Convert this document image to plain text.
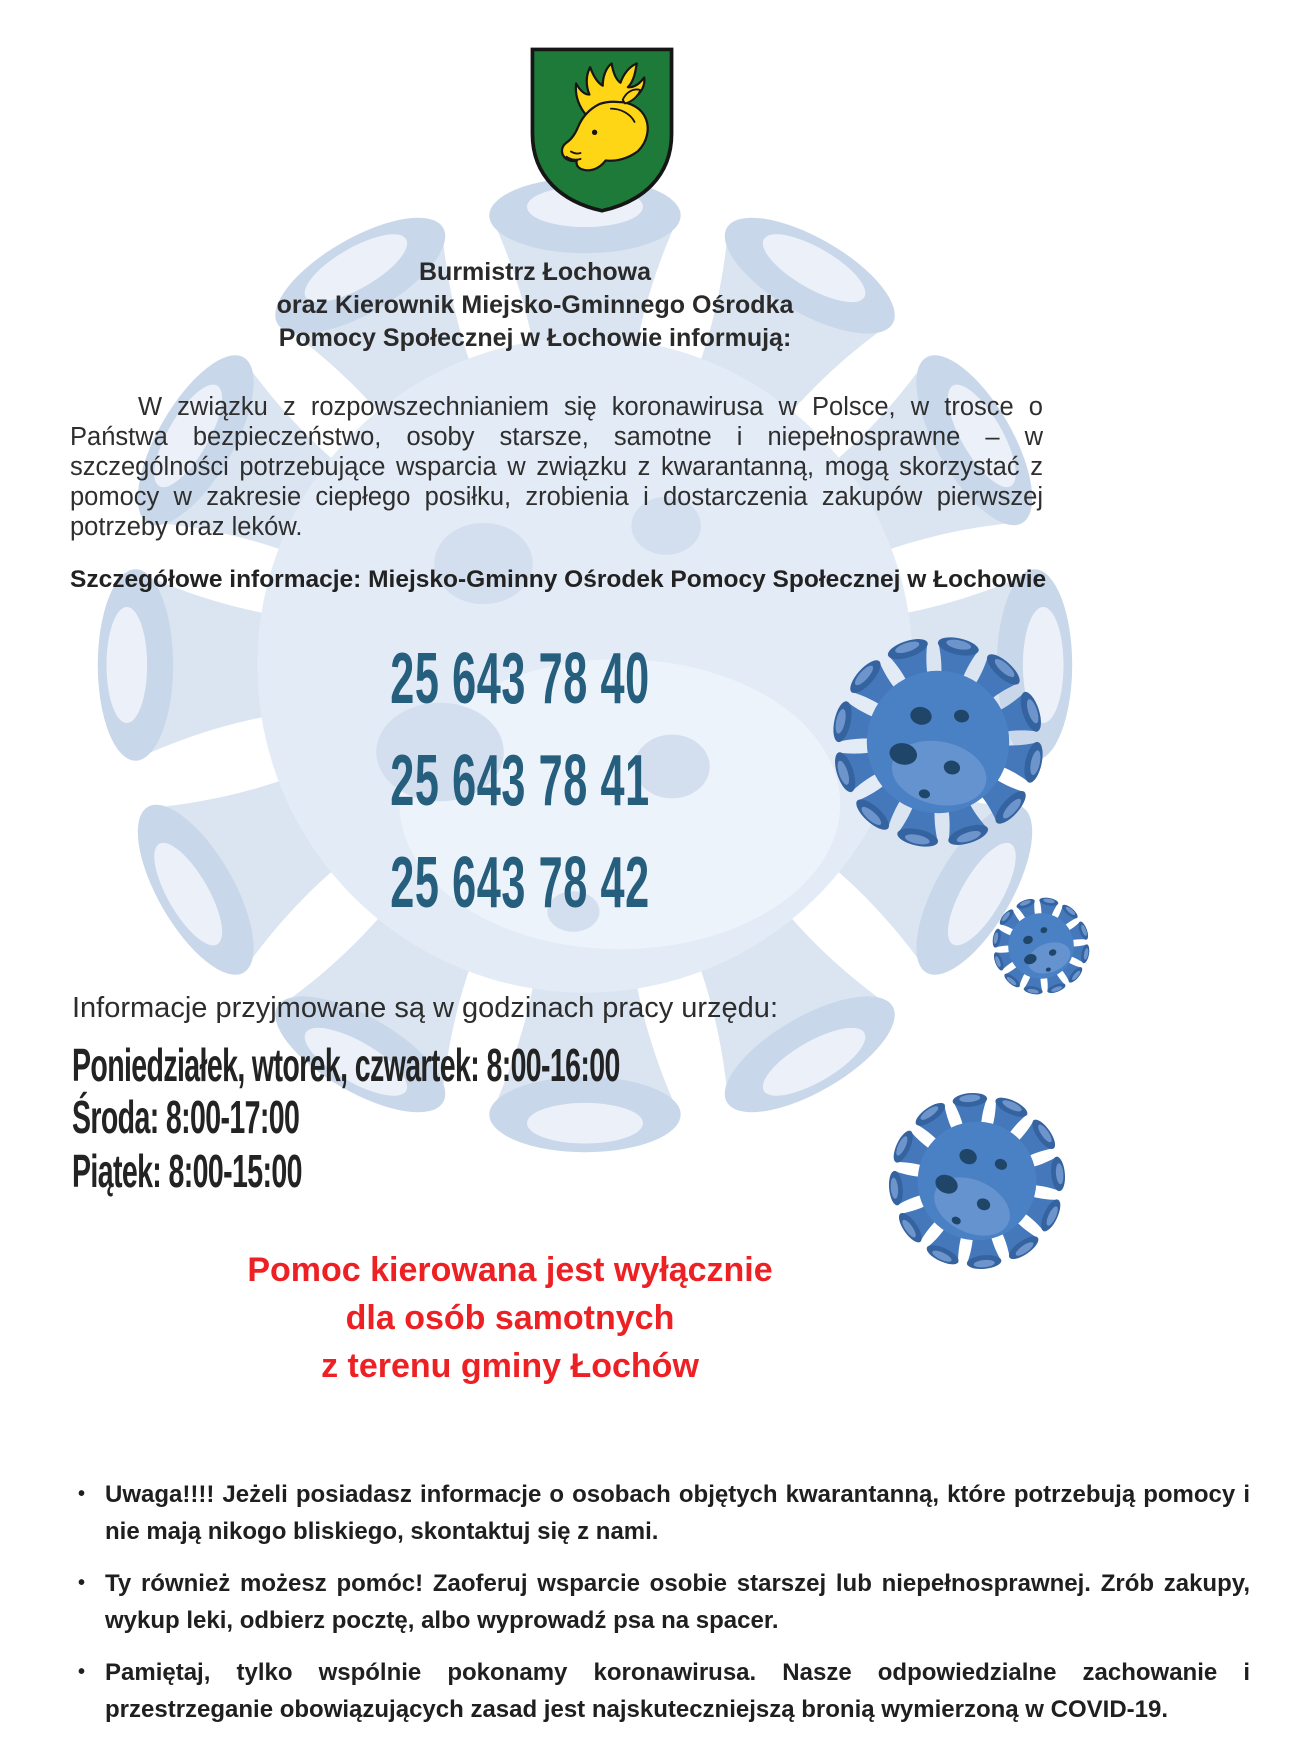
Burmistrz Łochowa
oraz Kierownik Miejsko-Gminnego Ośrodka
Pomocy Społecznej w Łochowie informują:
W związku z rozpowszechnianiem się koronawirusa w Polsce, w trosce o Państwa bezpieczeństwo, osoby starsze, samotne i niepełnosprawne – w szczególności potrzebujące wsparcia w związku z kwarantanną, mogą skorzystać z pomocy w zakresie ciepłego posiłku, zrobienia i dostarczenia zakupów pierwszej potrzeby oraz leków.
Szczegółowe informacje: Miejsko-Gminny Ośrodek Pomocy Społecznej w Łochowie
25 643 78 40
25 643 78 41
25 643 78 42
Informacje przyjmowane są w godzinach pracy urzędu:
Poniedziałek, wtorek, czwartek: 8:00-16:00
Środa: 8:00-17:00
Piątek: 8:00-15:00
Pomoc kierowana jest wyłącznie
dla osób samotnych
z terenu gminy Łochów
• Uwaga!!!! Jeżeli posiadasz informacje o osobach objętych kwarantanną, które potrzebują pomocy i nie mają nikogo bliskiego, skontaktuj się z nami.
• Ty również możesz pomóc! Zaoferuj wsparcie osobie starszej lub niepełnosprawnej. Zrób zakupy, wykup leki, odbierz pocztę, albo wyprowadź psa na spacer.
• Pamiętaj, tylko wspólnie pokonamy koronawirusa. Nasze odpowiedzialne zachowanie i przestrzeganie obowiązujących zasad jest najskuteczniejszą bronią wymierzoną w COVID-19.
